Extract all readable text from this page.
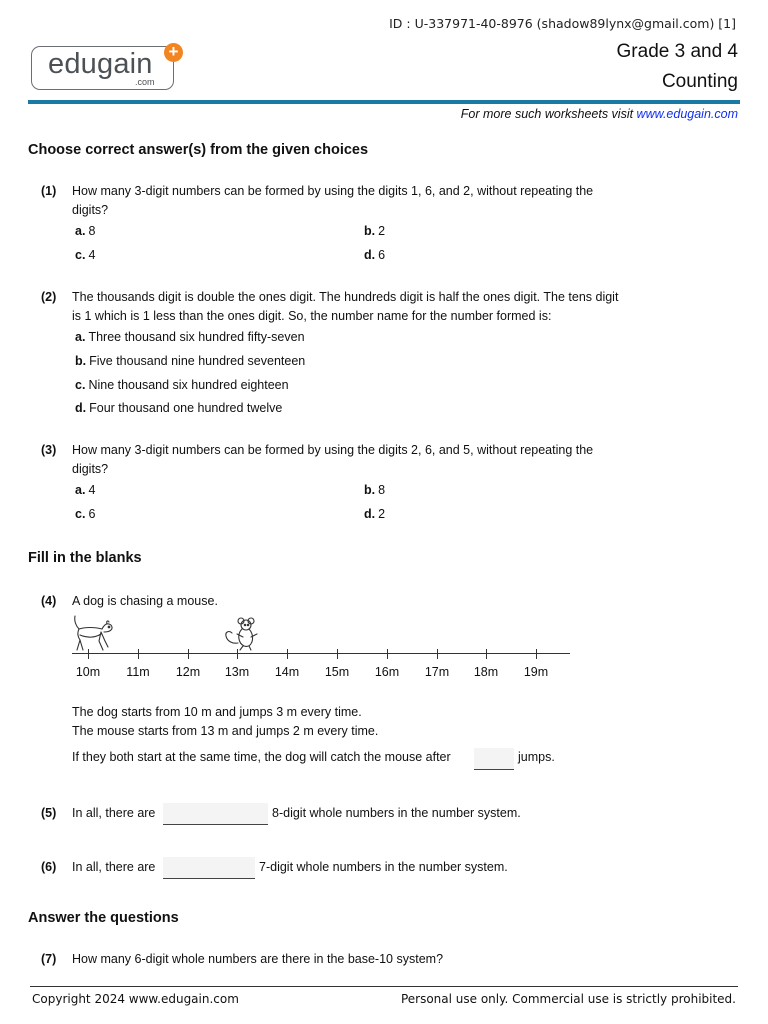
ID : U-337971-40-8976 (shadow89lynx@gmail.com) [1]
edugain
.com
+	Grade 3 and 4
Counting
For more such worksheets visit www.edugain.com
Choose correct answer(s) from the given choices
(1) How many 3-digit numbers can be formed by using the digits 1, 6, and 2, without repeating the
digits?
a. 8	b. 2
c. 4	d. 6
(2) The thousands digit is double the ones digit. The hundreds digit is half the ones digit. The tens digit
is 1 which is 1 less than the ones digit. So, the number name for the number formed is:
a. Three thousand six hundred fifty-seven
b. Five thousand nine hundred seventeen
c. Nine thousand six hundred eighteen
d. Four thousand one hundred twelve
(3) How many 3-digit numbers can be formed by using the digits 2, 6, and 5, without repeating the
digits?
a. 4	b. 8
c. 6	d. 2
Fill in the blanks
(4) A dog is chasing a mouse.
10m	11m	12m	13m	14m	15m	16m	17m	18m	19m
The dog starts from 10 m and jumps 3 m every time.
The mouse starts from 13 m and jumps 2 m every time.
If they both start at the same time, the dog will catch the mouse after	jumps.
(5) In all, there are	8-digit whole numbers in the number system.
(6) In all, there are	7-digit whole numbers in the number system.
Answer the questions
(7) How many 6-digit whole numbers are there in the base-10 system?
Copyright 2024 www.edugain.com	Personal use only. Commercial use is strictly prohibited.
